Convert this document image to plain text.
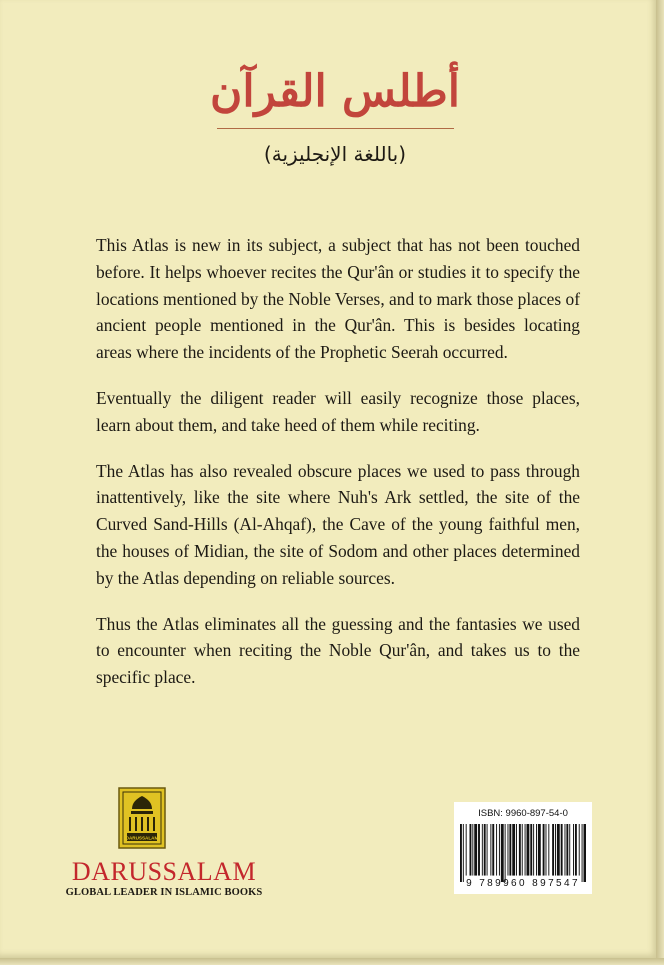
أطلس القرآن
(باللغة الإنجليزية)

This Atlas is new in its subject, a subject that has not been touched before. It helps whoever recites the Qur'ân or studies it to specify the locations mentioned by the Noble Verses, and to mark those places of ancient people mentioned in the Qur'ân. This is besides locating areas where the incidents of the Prophetic Seerah occurred.

Eventually the diligent reader will easily recognize those places, learn about them, and take heed of them while reciting.

The Atlas has also revealed obscure places we used to pass through inattentively, like the site where Nuh's Ark settled, the site of the Curved Sand-Hills (Al-Ahqaf), the Cave of the young faithful men, the houses of Midian, the site of Sodom and other places determined by the Atlas depending on reliable sources.

Thus the Atlas eliminates all the guessing and the fantasies we used to encounter when reciting the Noble Qur'ân, and takes us to the specific place.

DARUSSALAM
DARUSSALAM
GLOBAL LEADER IN ISLAMIC BOOKS
ISBN: 9960-897-54-0
9 789960 897547
